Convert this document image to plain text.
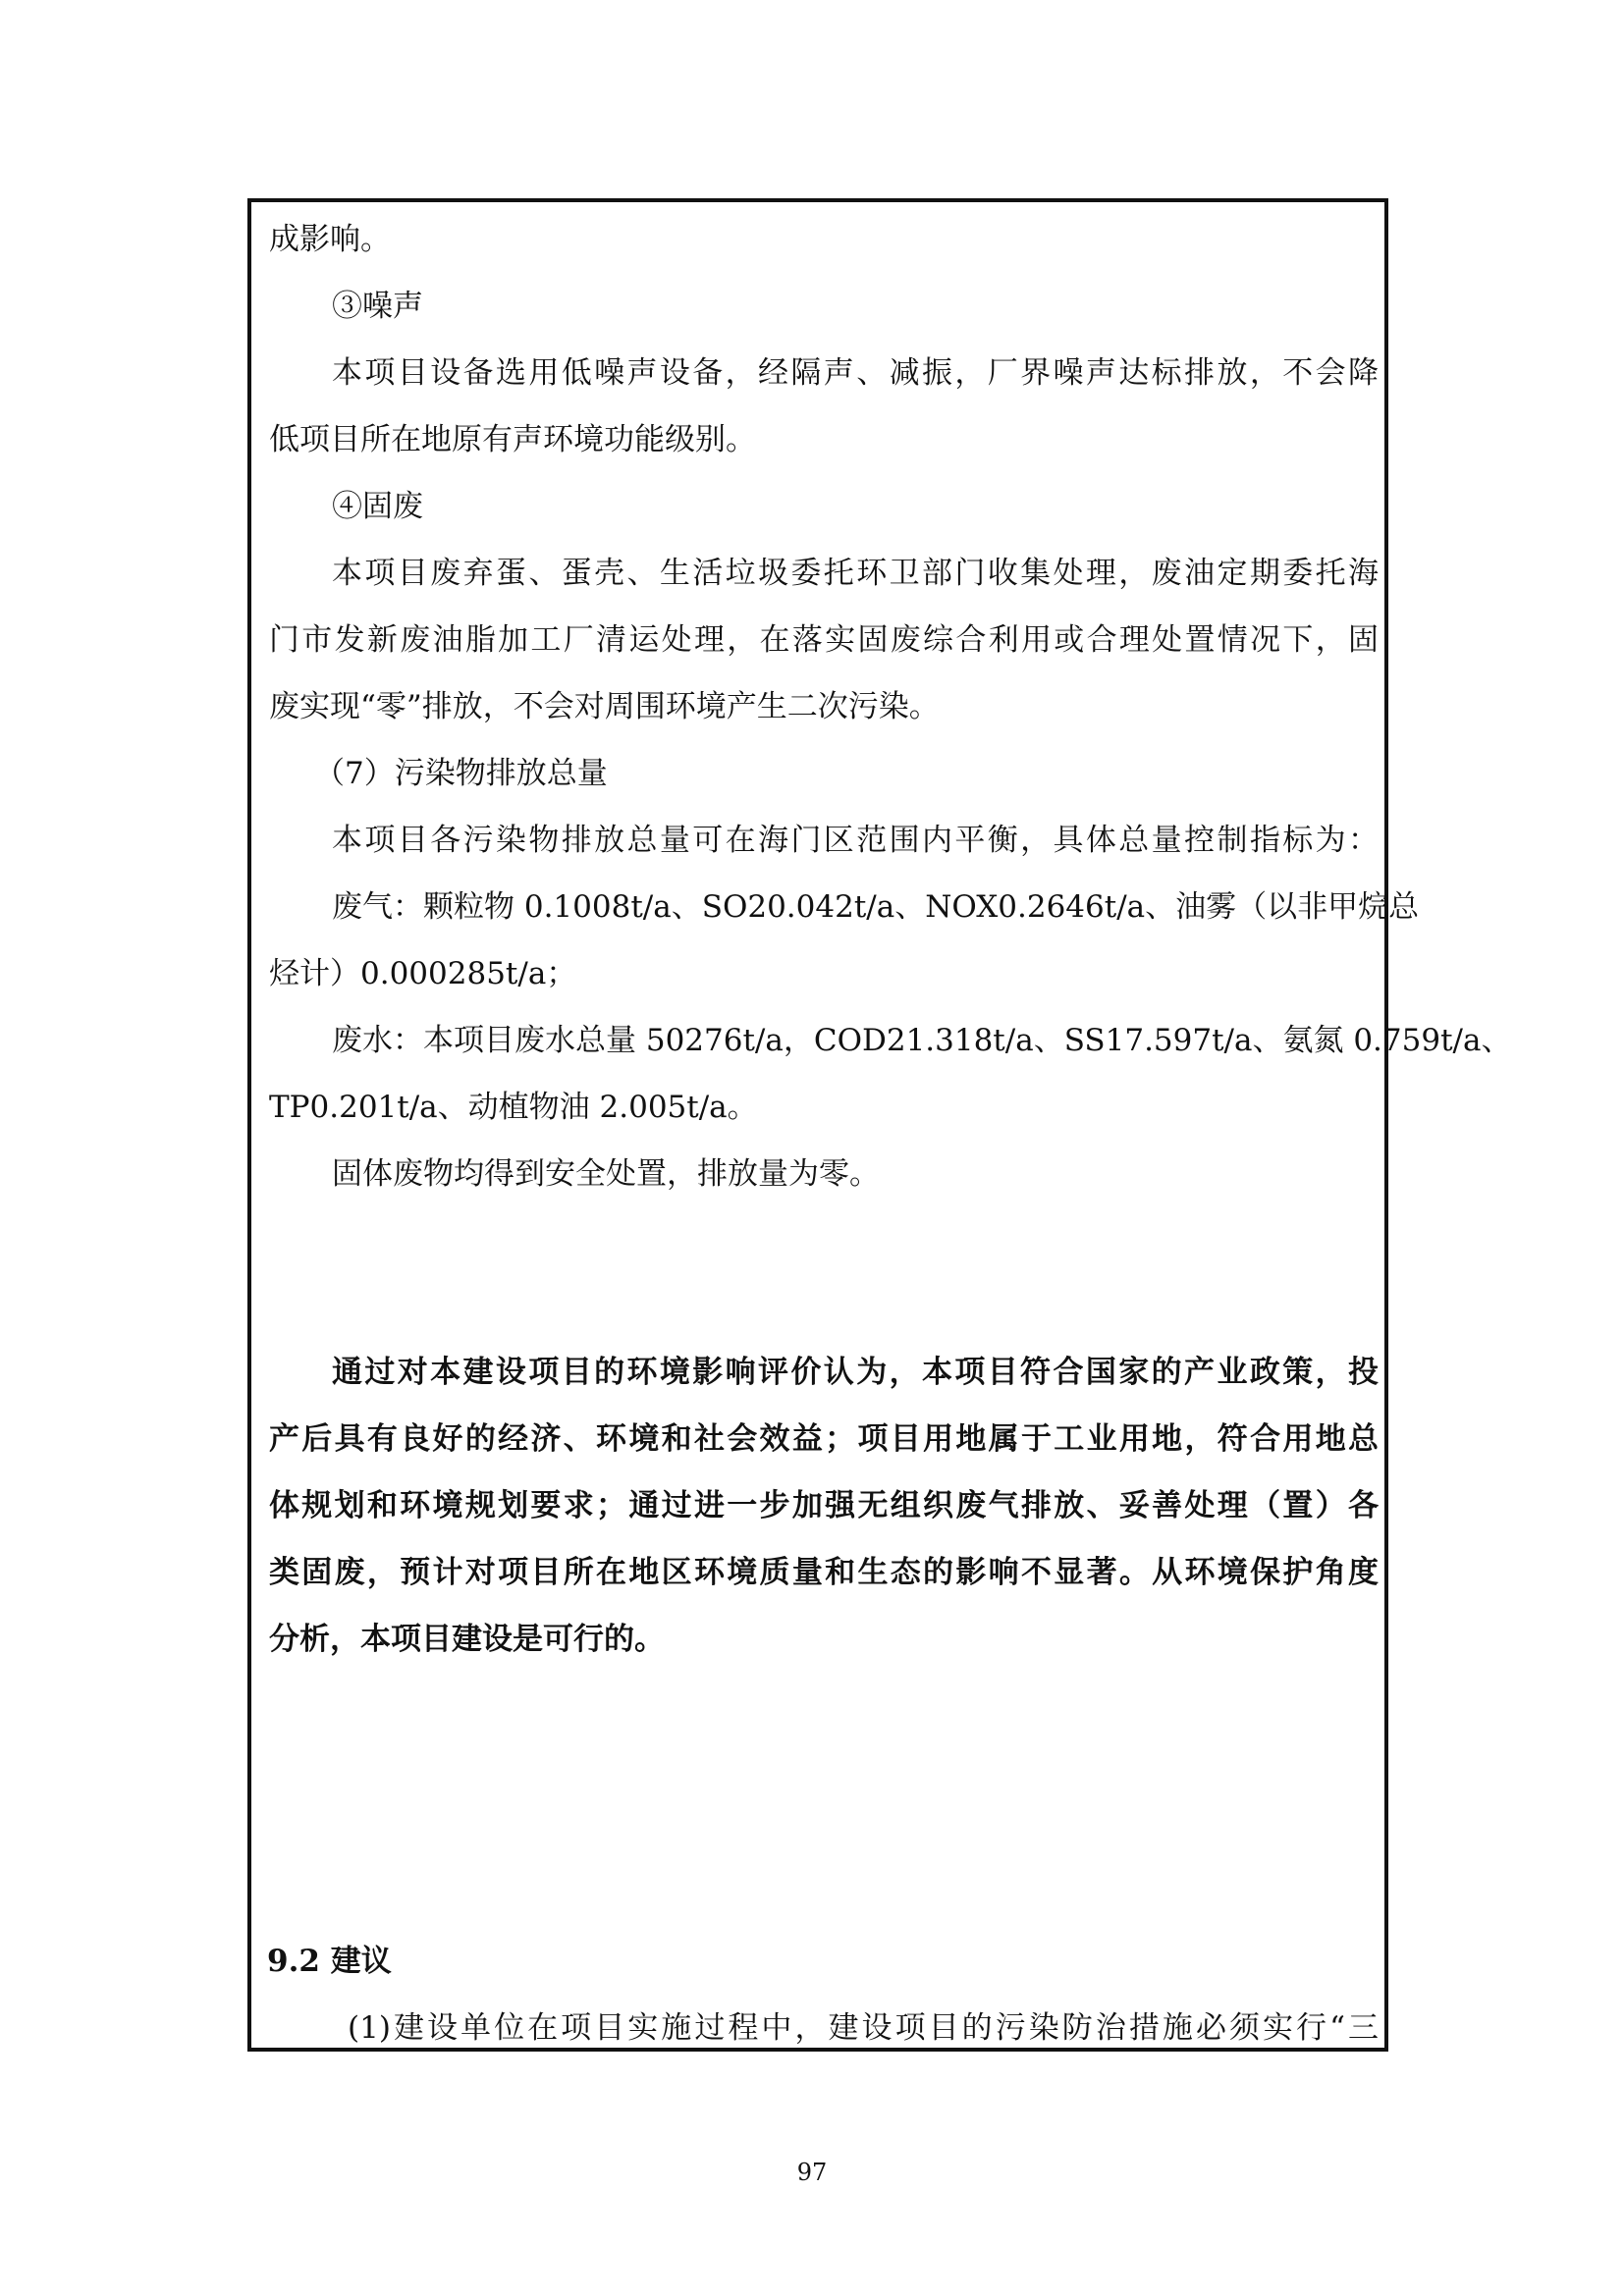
成影响。
③噪声
本项目设备选用低噪声设备，经隔声、减振，厂界噪声达标排放，不会降
低项目所在地原有声环境功能级别。
④固废
本项目废弃蛋、蛋壳、生活垃圾委托环卫部门收集处理，废油定期委托海
门市发新废油脂加工厂清运处理，在落实固废综合利用或合理处置情况下，固
废实现“零”排放，不会对周围环境产生二次污染。
（7）污染物排放总量
本项目各污染物排放总量可在海门区范围内平衡，具体总量控制指标为：
废气：颗粒物 0.1008t/a、SO20.042t/a、NOX0.2646t/a、油雾（以非甲烷总
烃计）0.000285t/a；
废水：本项目废水总量 50276t/a，COD21.318t/a、SS17.597t/a、氨氮 0.759t/a、
TP0.201t/a、动植物油 2.005t/a。
固体废物均得到安全处置，排放量为零。
通过对本建设项目的环境影响评价认为，本项目符合国家的产业政策，投
产后具有良好的经济、环境和社会效益；项目用地属于工业用地，符合用地总
体规划和环境规划要求；通过进一步加强无组织废气排放、妥善处理（置）各
类固废，预计对项目所在地区环境质量和生态的影响不显著。从环境保护角度
分析，本项目建设是可行的。
9.2 建议
(1)建设单位在项目实施过程中，建设项目的污染防治措施必须实行“三
97
